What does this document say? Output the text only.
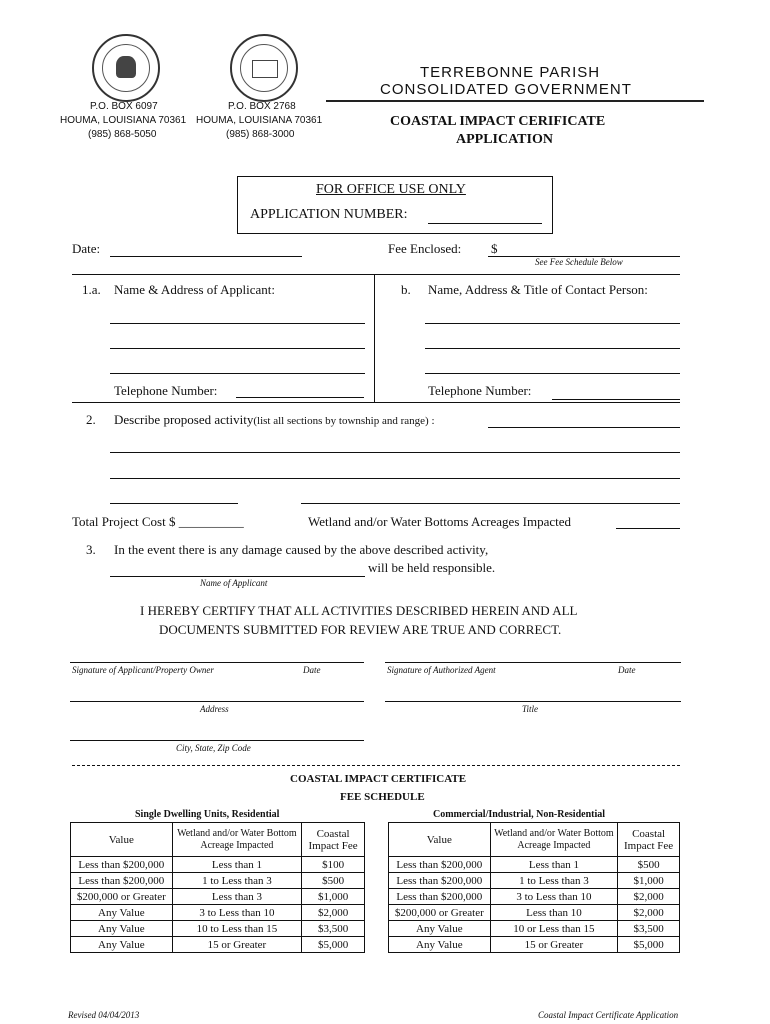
P.O. BOX 6097
HOUMA, LOUISIANA 70361
(985) 868-5050
P.O. BOX 2768
HOUMA, LOUISIANA 70361
(985) 868-3000
TERREBONNE PARISH
CONSOLIDATED GOVERNMENT
COASTAL IMPACT CERIFICATE
APPLICATION
FOR OFFICE USE ONLY
APPLICATION NUMBER:
Date:	Fee Enclosed: $
See Fee Schedule Below
1.a. Name & Address of Applicant:
Telephone Number:
b. Name, Address & Title of Contact Person:
Telephone Number:
2. Describe proposed activity(list all sections by township and range) :
Total Project Cost $ __________	Wetland and/or Water Bottoms Acreages Impacted
3. In the event there is any damage caused by the above described activity,
will be held responsible.
Name of Applicant
I HEREBY CERTIFY THAT ALL ACTIVITIES DESCRIBED HEREIN AND ALL
DOCUMENTS SUBMITTED FOR REVIEW ARE TRUE AND CORRECT.
Signature of Applicant/Property Owner	Date	Signature of Authorized Agent	Date
Address	Title
City, State, Zip Code
COASTAL IMPACT CERTIFICATE
FEE SCHEDULE
Single Dwelling Units, Residential	Commercial/Industrial, Non-Residential
Value	Wetland and/or Water Bottom Acreage Impacted	Coastal Impact Fee
Less than $200,000	Less than 1	$100
Less than $200,000	1 to Less than 3	$500
$200,000 or Greater	Less than 3	$1,000
Any Value	3 to Less than 10	$2,000
Any Value	10 to Less than 15	$3,500
Any Value	15 or Greater	$5,000
Value	Wetland and/or Water Bottom Acreage Impacted	Coastal Impact Fee
Less than $200,000	Less than 1	$500
Less than $200,000	1 to Less than 3	$1,000
Less than $200,000	3 to Less than 10	$2,000
$200,000 or Greater	Less than 10	$2,000
Any Value	10 or Less than 15	$3,500
Any Value	15 or Greater	$5,000
Revised 04/04/2013	Coastal Impact Certificate Application
